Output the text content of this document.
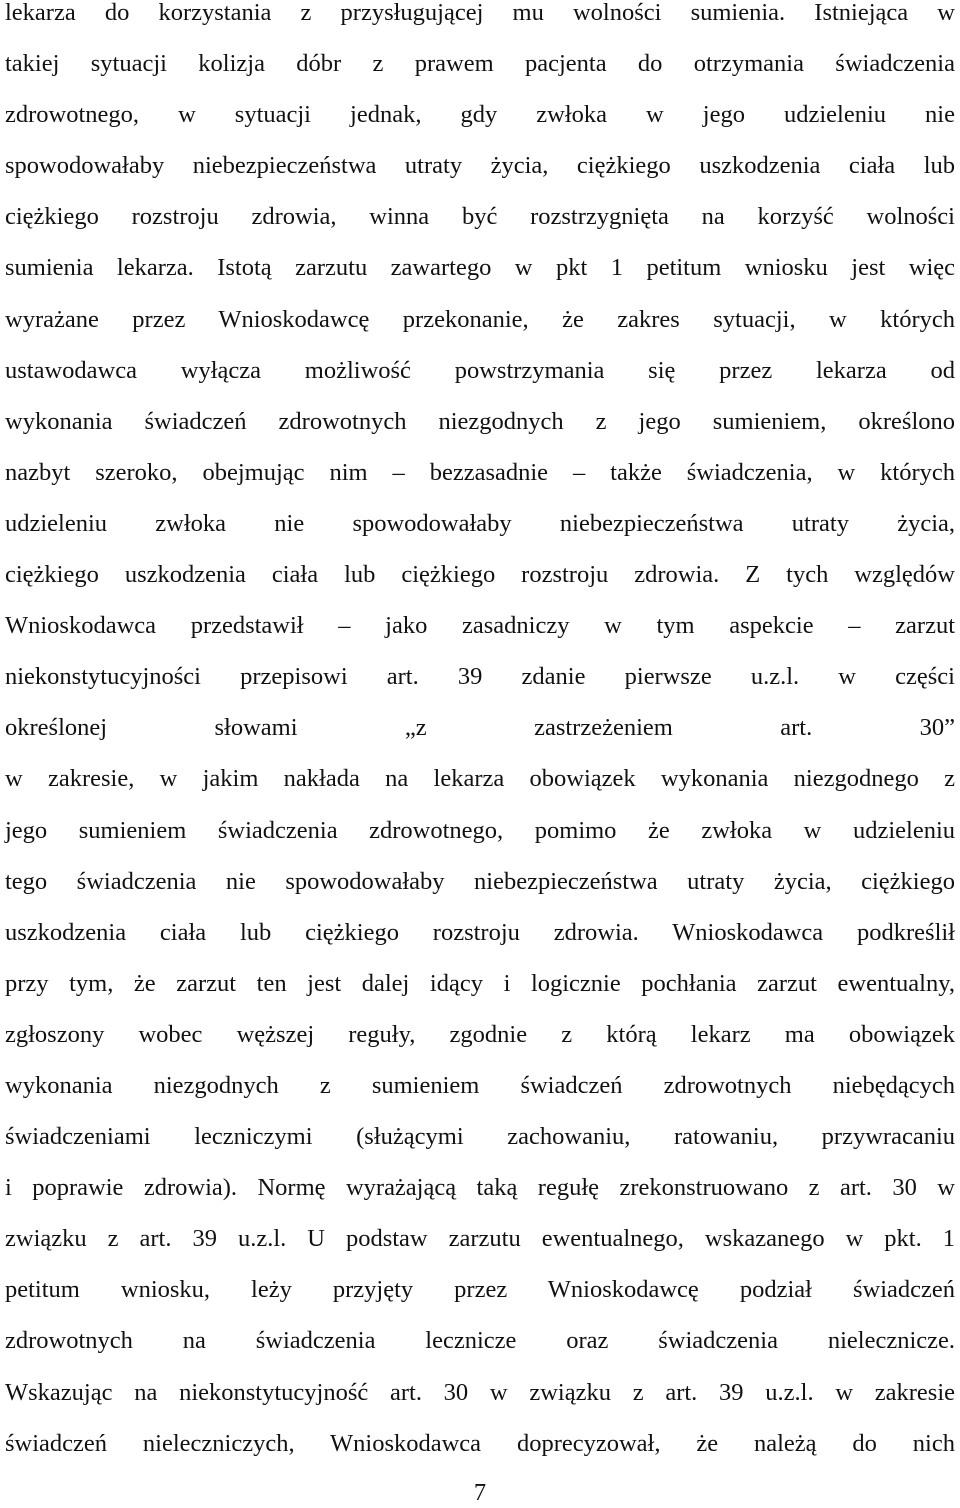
lekarza do korzystania z przysługującej mu wolności sumienia. Istniejąca w
takiej sytuacji kolizja dóbr z prawem pacjenta do otrzymania świadczenia
zdrowotnego, w sytuacji jednak, gdy zwłoka w jego udzieleniu nie
spowodowałaby niebezpieczeństwa utraty życia, ciężkiego uszkodzenia ciała lub
ciężkiego rozstroju zdrowia, winna być rozstrzygnięta na korzyść wolności
sumienia lekarza. Istotą zarzutu zawartego w pkt 1 petitum wniosku jest więc
wyrażane przez Wnioskodawcę przekonanie, że zakres sytuacji, w których
ustawodawca wyłącza możliwość powstrzymania się przez lekarza od
wykonania świadczeń zdrowotnych niezgodnych z jego sumieniem, określono
nazbyt szeroko, obejmując nim – bezzasadnie – także świadczenia, w których
udzieleniu zwłoka nie spowodowałaby niebezpieczeństwa utraty życia,
ciężkiego uszkodzenia ciała lub ciężkiego rozstroju zdrowia. Z tych względów
Wnioskodawca przedstawił – jako zasadniczy w tym aspekcie – zarzut
niekonstytucyjności przepisowi art. 39 zdanie pierwsze u.z.l. w części
określonej słowami „z zastrzeżeniem art. 30”
w zakresie, w jakim nakłada na lekarza obowiązek wykonania niezgodnego z
jego sumieniem świadczenia zdrowotnego, pomimo że zwłoka w udzieleniu
tego świadczenia nie spowodowałaby niebezpieczeństwa utraty życia, ciężkiego
uszkodzenia ciała lub ciężkiego rozstroju zdrowia. Wnioskodawca podkreślił
przy tym, że zarzut ten jest dalej idący i logicznie pochłania zarzut ewentualny,
zgłoszony wobec węższej reguły, zgodnie z którą lekarz ma obowiązek
wykonania niezgodnych z sumieniem świadczeń zdrowotnych niebędących
świadczeniami leczniczymi (służącymi zachowaniu, ratowaniu, przywracaniu
i poprawie zdrowia). Normę wyrażającą taką regułę zrekonstruowano z art. 30 w
związku z art. 39 u.z.l. U podstaw zarzutu ewentualnego, wskazanego w pkt. 1
petitum wniosku, leży przyjęty przez Wnioskodawcę podział świadczeń
zdrowotnych na świadczenia lecznicze oraz świadczenia nielecznicze.
Wskazując na niekonstytucyjność art. 30 w związku z art. 39 u.z.l. w zakresie
świadczeń nieleczniczych, Wnioskodawca doprecyzował, że należą do nich
7
